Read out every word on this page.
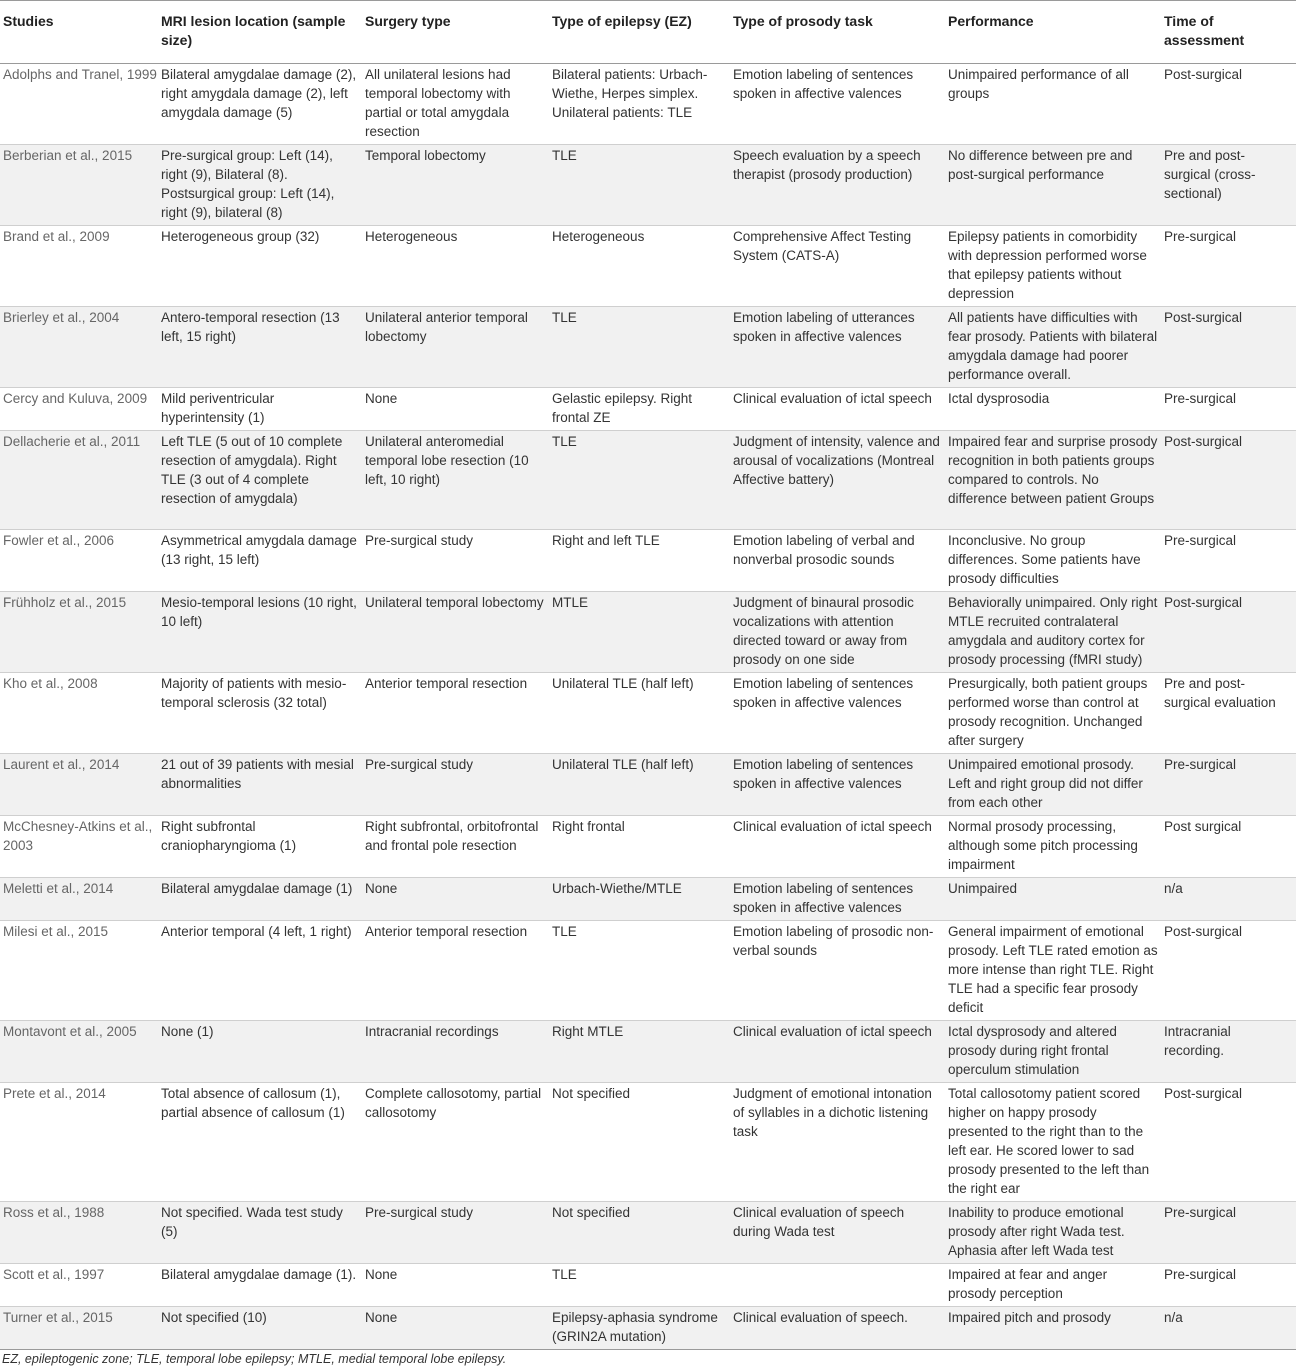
Studies	MRI lesion location (sample size)	Surgery type	Type of epilepsy (EZ)	Type of prosody task	Performance	Time of assessment
Adolphs and Tranel, 1999	Bilateral amygdalae damage (2), right amygdala damage (2), left amygdala damage (5)	All unilateral lesions had temporal lobectomy with partial or total amygdala resection	Bilateral patients: Urbach-Wiethe, Herpes simplex. Unilateral patients: TLE	Emotion labeling of sentences spoken in affective valences	Unimpaired performance of all groups	Post-surgical
Berberian et al., 2015	Pre-surgical group: Left (14), right (9), Bilateral (8). Postsurgical group: Left (14), right (9), bilateral (8)	Temporal lobectomy	TLE	Speech evaluation by a speech therapist (prosody production)	No difference between pre and post-surgical performance	Pre and post-surgical (cross-sectional)
Brand et al., 2009	Heterogeneous group (32)	Heterogeneous	Heterogeneous	Comprehensive Affect Testing System (CATS-A)	Epilepsy patients in comorbidity with depression performed worse that epilepsy patients without depression	Pre-surgical
Brierley et al., 2004	Antero-temporal resection (13 left, 15 right)	Unilateral anterior temporal lobectomy	TLE	Emotion labeling of utterances spoken in affective valences	All patients have difficulties with fear prosody. Patients with bilateral amygdala damage had poorer performance overall.	Post-surgical
Cercy and Kuluva, 2009	Mild periventricular hyperintensity (1)	None	Gelastic epilepsy. Right frontal ZE	Clinical evaluation of ictal speech	Ictal dysprosodia	Pre-surgical
Dellacherie et al., 2011	Left TLE (5 out of 10 complete resection of amygdala). Right TLE (3 out of 4 complete resection of amygdala)	Unilateral anteromedial temporal lobe resection (10 left, 10 right)	TLE	Judgment of intensity, valence and arousal of vocalizations (Montreal Affective battery)	Impaired fear and surprise prosody recognition in both patients groups compared to controls. No difference between patient Groups	Post-surgical
Fowler et al., 2006	Asymmetrical amygdala damage (13 right, 15 left)	Pre-surgical study	Right and left TLE	Emotion labeling of verbal and nonverbal prosodic sounds	Inconclusive. No group differences. Some patients have prosody difficulties	Pre-surgical
Frühholz et al., 2015	Mesio-temporal lesions (10 right, 10 left)	Unilateral temporal lobectomy	MTLE	Judgment of binaural prosodic vocalizations with attention directed toward or away from prosody on one side	Behaviorally unimpaired. Only right MTLE recruited contralateral amygdala and auditory cortex for prosody processing (fMRI study)	Post-surgical
Kho et al., 2008	Majority of patients with mesio-temporal sclerosis (32 total)	Anterior temporal resection	Unilateral TLE (half left)	Emotion labeling of sentences spoken in affective valences	Presurgically, both patient groups performed worse than control at prosody recognition. Unchanged after surgery	Pre and post-surgical evaluation
Laurent et al., 2014	21 out of 39 patients with mesial abnormalities	Pre-surgical study	Unilateral TLE (half left)	Emotion labeling of sentences spoken in affective valences	Unimpaired emotional prosody. Left and right group did not differ from each other	Pre-surgical
McChesney-Atkins et al., 2003	Right subfrontal craniopharyngioma (1)	Right subfrontal, orbitofrontal and frontal pole resection	Right frontal	Clinical evaluation of ictal speech	Normal prosody processing, although some pitch processing impairment	Post surgical
Meletti et al., 2014	Bilateral amygdalae damage (1)	None	Urbach-Wiethe/MTLE	Emotion labeling of sentences spoken in affective valences	Unimpaired	n/a
Milesi et al., 2015	Anterior temporal (4 left, 1 right)	Anterior temporal resection	TLE	Emotion labeling of prosodic non-verbal sounds	General impairment of emotional prosody. Left TLE rated emotion as more intense than right TLE. Right TLE had a specific fear prosody deficit	Post-surgical
Montavont et al., 2005	None (1)	Intracranial recordings	Right MTLE	Clinical evaluation of ictal speech	Ictal dysprosody and altered prosody during right frontal operculum stimulation	Intracranial recording.
Prete et al., 2014	Total absence of callosum (1), partial absence of callosum (1)	Complete callosotomy, partial callosotomy	Not specified	Judgment of emotional intonation of syllables in a dichotic listening task	Total callosotomy patient scored higher on happy prosody presented to the right than to the left ear. He scored lower to sad prosody presented to the left than the right ear	Post-surgical
Ross et al., 1988	Not specified. Wada test study (5)	Pre-surgical study	Not specified	Clinical evaluation of speech during Wada test	Inability to produce emotional prosody after right Wada test. Aphasia after left Wada test	Pre-surgical
Scott et al., 1997	Bilateral amygdalae damage (1).	None	TLE		Impaired at fear and anger prosody perception	Pre-surgical
Turner et al., 2015	Not specified (10)	None	Epilepsy-aphasia syndrome (GRIN2A mutation)	Clinical evaluation of speech.	Impaired pitch and prosody	n/a
EZ, epileptogenic zone; TLE, temporal lobe epilepsy; MTLE, medial temporal lobe epilepsy.
